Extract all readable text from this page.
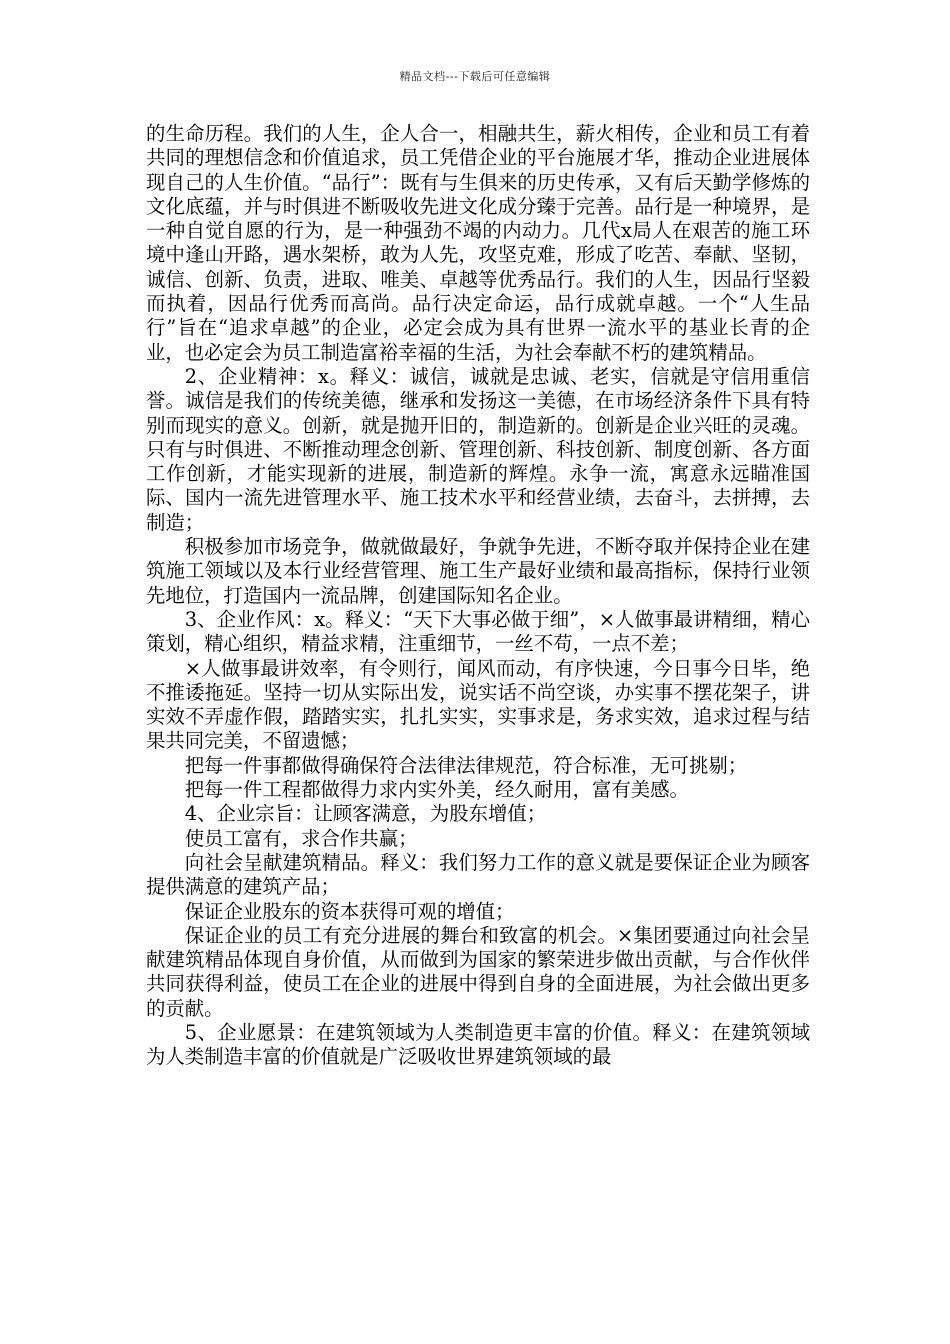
精品文档---下载后可任意编辑

的生命历程。我们的人生，企人合一，相融共生，薪火相传，企业和员工有着共同的理想信念和价值追求，员工凭借企业的平台施展才华，推动企业进展体现自己的人生价值。“品行”：既有与生俱来的历史传承，又有后天勤学修炼的文化底蕴，并与时俱进不断吸收先进文化成分臻于完善。品行是一种境界，是一种自觉自愿的行为，是一种强劲不竭的内动力。几代x局人在艰苦的施工环境中逢山开路，遇水架桥，敢为人先，攻坚克难，形成了吃苦、奉献、坚韧，诚信、创新、负责，进取、唯美、卓越等优秀品行。我们的人生，因品行坚毅而执着，因品行优秀而高尚。品行决定命运，品行成就卓越。一个“人生品行”旨在“追求卓越”的企业，必定会成为具有世界一流水平的基业长青的企业，也必定会为员工制造富裕幸福的生活，为社会奉献不朽的建筑精品。

2、企业精神：x。释义：诚信，诚就是忠诚、老实，信就是守信用重信誉。诚信是我们的传统美德，继承和发扬这一美德，在市场经济条件下具有特别而现实的意义。创新，就是抛开旧的，制造新的。创新是企业兴旺的灵魂。只有与时俱进、不断推动理念创新、管理创新、科技创新、制度创新、各方面工作创新，才能实现新的进展，制造新的辉煌。永争一流，寓意永远瞄准国际、国内一流先进管理水平、施工技术水平和经营业绩，去奋斗，去拼搏，去制造；

积极参加市场竞争，做就做最好，争就争先进，不断夺取并保持企业在建筑施工领域以及本行业经营管理、施工生产最好业绩和最高指标，保持行业领先地位，打造国内一流品牌，创建国际知名企业。

3、企业作风：x。释义：“天下大事必做于细”，×人做事最讲精细，精心策划，精心组织，精益求精，注重细节，一丝不苟，一点不差；

×人做事最讲效率，有令则行，闻风而动，有序快速，今日事今日毕，绝不推诿拖延。坚持一切从实际出发，说实话不尚空谈，办实事不摆花架子，讲实效不弄虚作假，踏踏实实，扎扎实实，实事求是，务求实效，追求过程与结果共同完美，不留遗憾；

把每一件事都做得确保符合法律法律规范，符合标准，无可挑剔；

把每一件工程都做得力求内实外美，经久耐用，富有美感。

4、企业宗旨：让顾客满意，为股东增值；

使员工富有，求合作共赢；

向社会呈献建筑精品。释义：我们努力工作的意义就是要保证企业为顾客提供满意的建筑产品；

保证企业股东的资本获得可观的增值；

保证企业的员工有充分进展的舞台和致富的机会。×集团要通过向社会呈献建筑精品体现自身价值，从而做到为国家的繁荣进步做出贡献，与合作伙伴共同获得利益，使员工在企业的进展中得到自身的全面进展，为社会做出更多的贡献。

5、企业愿景：在建筑领域为人类制造更丰富的价值。释义：在建筑领域为人类制造丰富的价值就是广泛吸收世界建筑领域的最
